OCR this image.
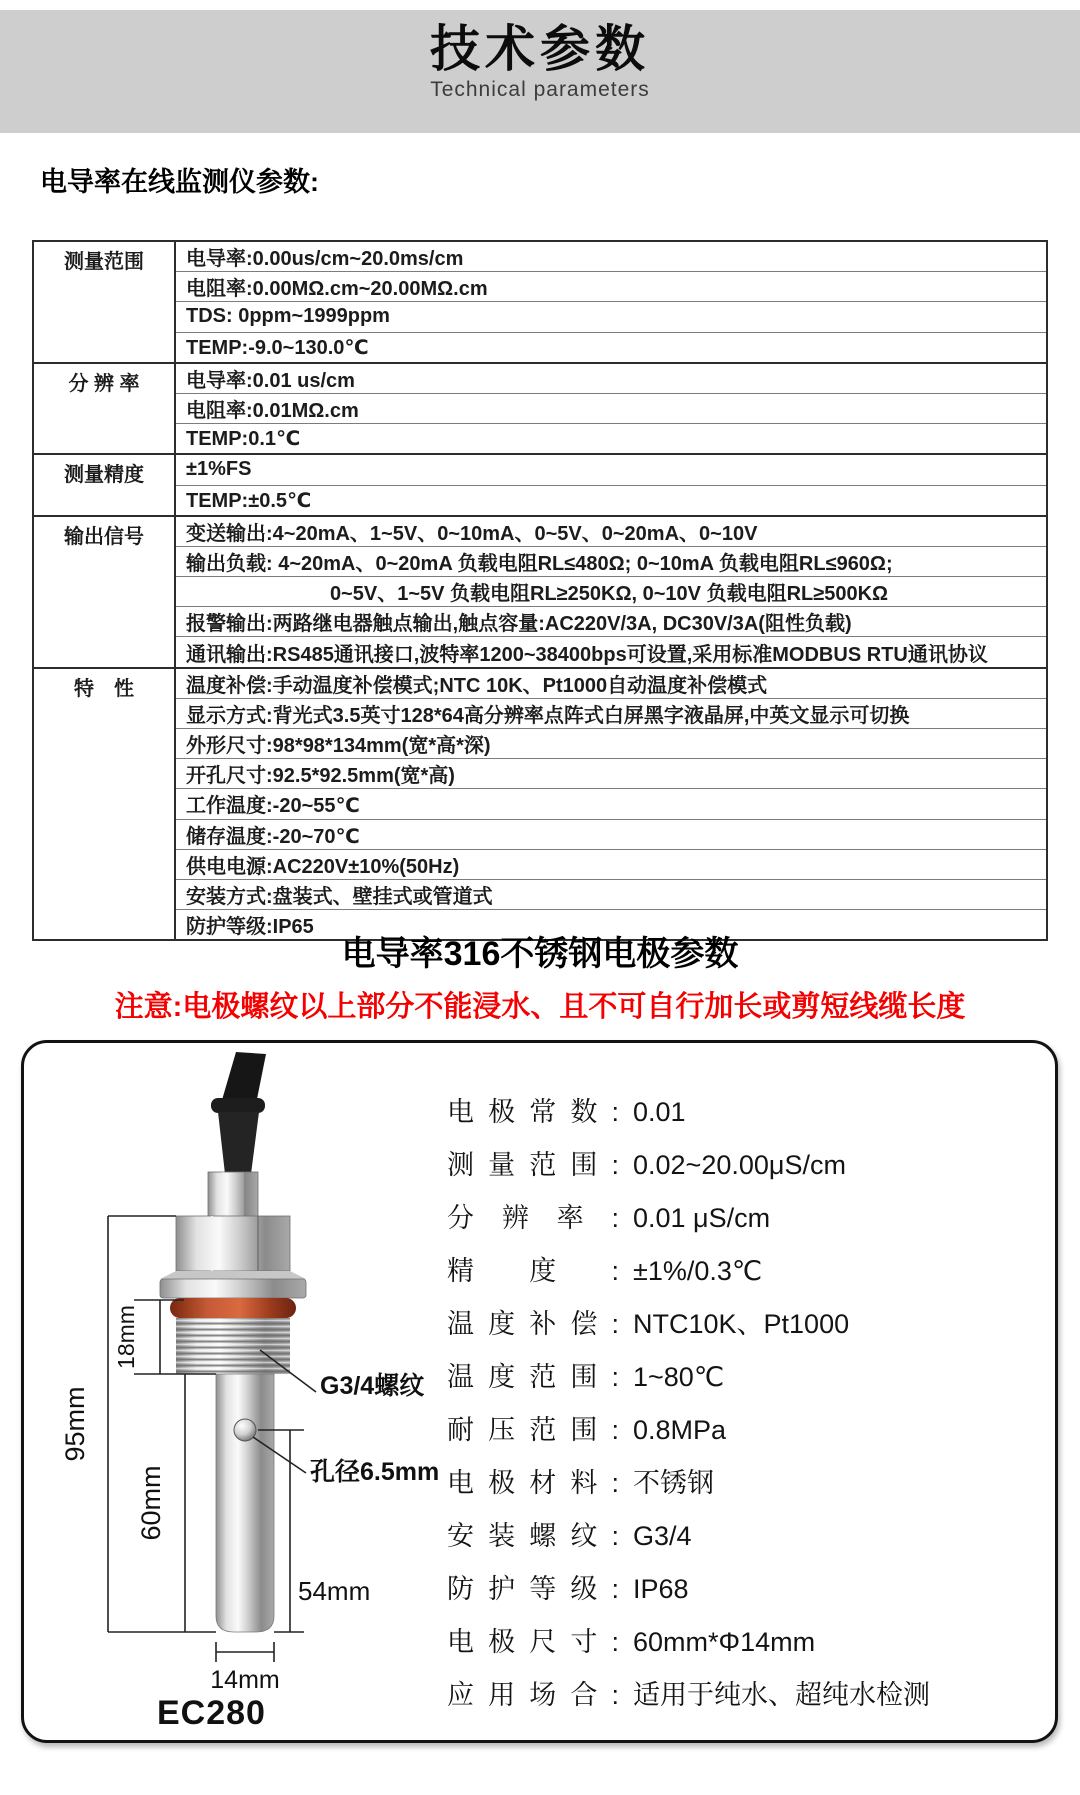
技术参数
Technical parameters
电导率在线监测仪参数:
测量范围	电导率:0.00us/cm~20.0ms/cm
	电阻率:0.00MΩ.cm~20.00MΩ.cm
	TDS: 0ppm~1999ppm
	TEMP:-9.0~130.0℃
分 辨 率	电导率:0.01 us/cm
	电阻率:0.01MΩ.cm
	TEMP:0.1℃
测量精度	±1%FS
	TEMP:±0.5℃
输出信号	变送输出:4~20mA、1~5V、0~10mA、0~5V、0~20mA、0~10V
	输出负载: 4~20mA、0~20mA 负载电阻RL≤480Ω; 0~10mA 负载电阻RL≤960Ω;
	0~5V、1~5V 负载电阻RL≥250KΩ, 0~10V 负载电阻RL≥500KΩ
	报警输出:两路继电器触点输出,触点容量:AC220V/3A, DC30V/3A(阻性负载)
	通讯输出:RS485通讯接口,波特率1200~38400bps可设置,采用标准MODBUS RTU通讯协议
特　性	温度补偿:手动温度补偿模式;NTC 10K、Pt1000自动温度补偿模式
	显示方式:背光式3.5英寸128*64高分辨率点阵式白屏黑字液晶屏,中英文显示可切换
	外形尺寸:98*98*134mm(宽*高*深)
	开孔尺寸:92.5*92.5mm(宽*高)
	工作温度:-20~55℃
	储存温度:-20~70℃
	供电电源:AC220V±10%(50Hz)
	安装方式:盘装式、壁挂式或管道式
	防护等级:IP65
电导率316不锈钢电极参数
注意:电极螺纹以上部分不能浸水、且不可自行加长或剪短线缆长度
95mm
18mm
60mm
54mm
14mm
G3/4螺纹
孔径6.5mm
EC280
电极常数: 0.01
测量范围: 0.02~20.00μS/cm
分辨率: 0.01 μS/cm
精度: ±1%/0.3℃
温度补偿: NTC10K、Pt1000
温度范围: 1~80℃
耐压范围: 0.8MPa
电极材料: 不锈钢
安装螺纹: G3/4
防护等级: IP68
电极尺寸: 60mm*Φ14mm
应用场合: 适用于纯水、超纯水检测
